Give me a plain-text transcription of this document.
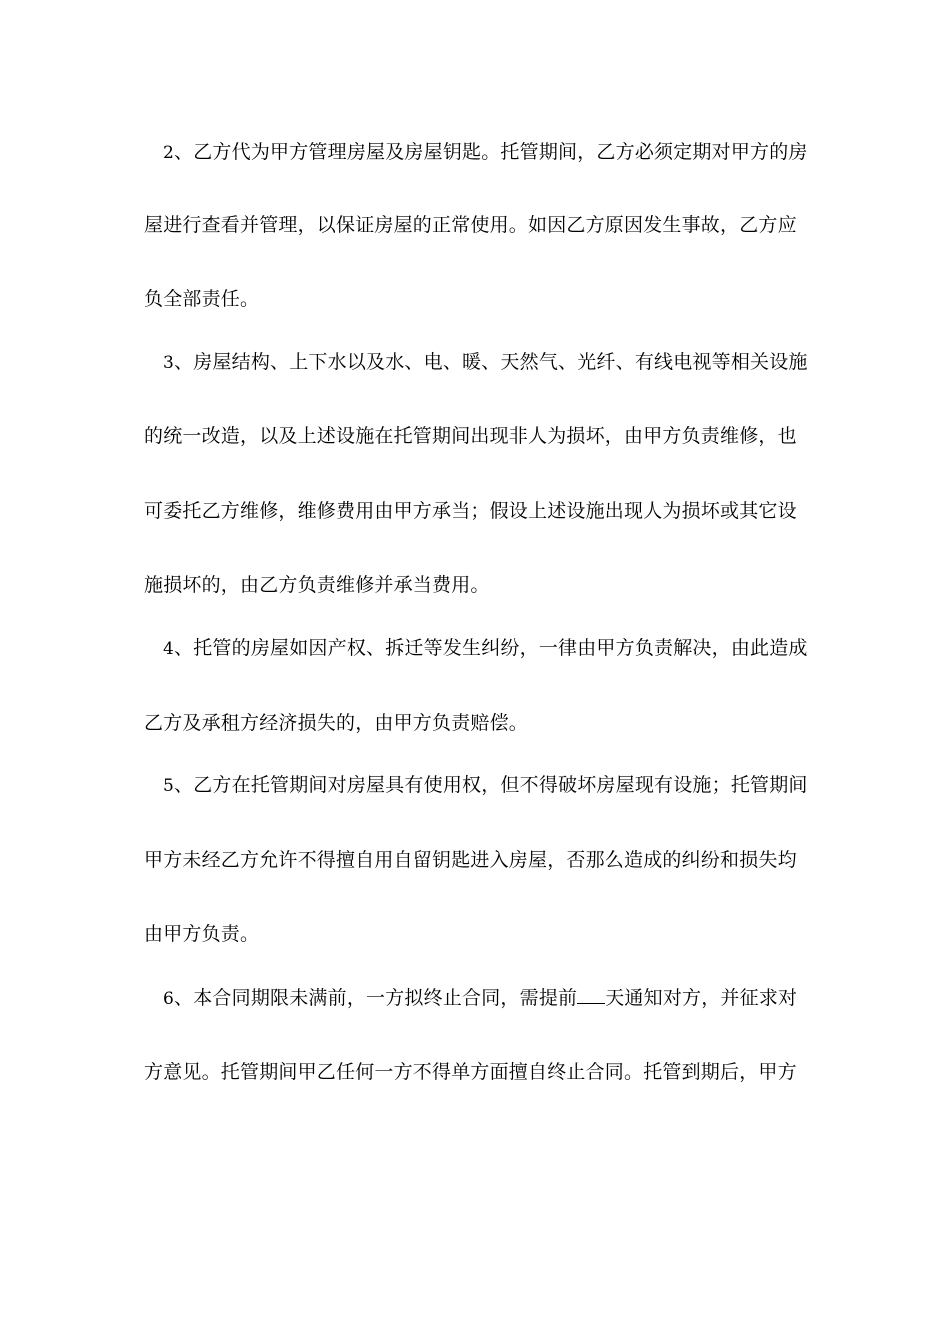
2、乙方代为甲方管理房屋及房屋钥匙。托管期间，乙方必须定期对甲方的房
屋进行查看并管理，以保证房屋的正常使用。如因乙方原因发生事故，乙方应
负全部责任。
3、房屋结构、上下水以及水、电、暖、天然气、光纤、有线电视等相关设施
的统一改造，以及上述设施在托管期间出现非人为损坏，由甲方负责维修，也
可委托乙方维修，维修费用由甲方承当；假设上述设施出现人为损坏或其它设
施损坏的，由乙方负责维修并承当费用。
4、托管的房屋如因产权、拆迁等发生纠纷，一律由甲方负责解决，由此造成
乙方及承租方经济损失的，由甲方负责赔偿。
5、乙方在托管期间对房屋具有使用权，但不得破坏房屋现有设施；托管期间
甲方未经乙方允许不得擅自用自留钥匙进入房屋，否那么造成的纠纷和损失均
由甲方负责。
6、本合同期限未满前，一方拟终止合同，需提前 天通知对方，并征求对
方意见。托管期间甲乙任何一方不得单方面擅自终止合同。托管到期后，甲方
